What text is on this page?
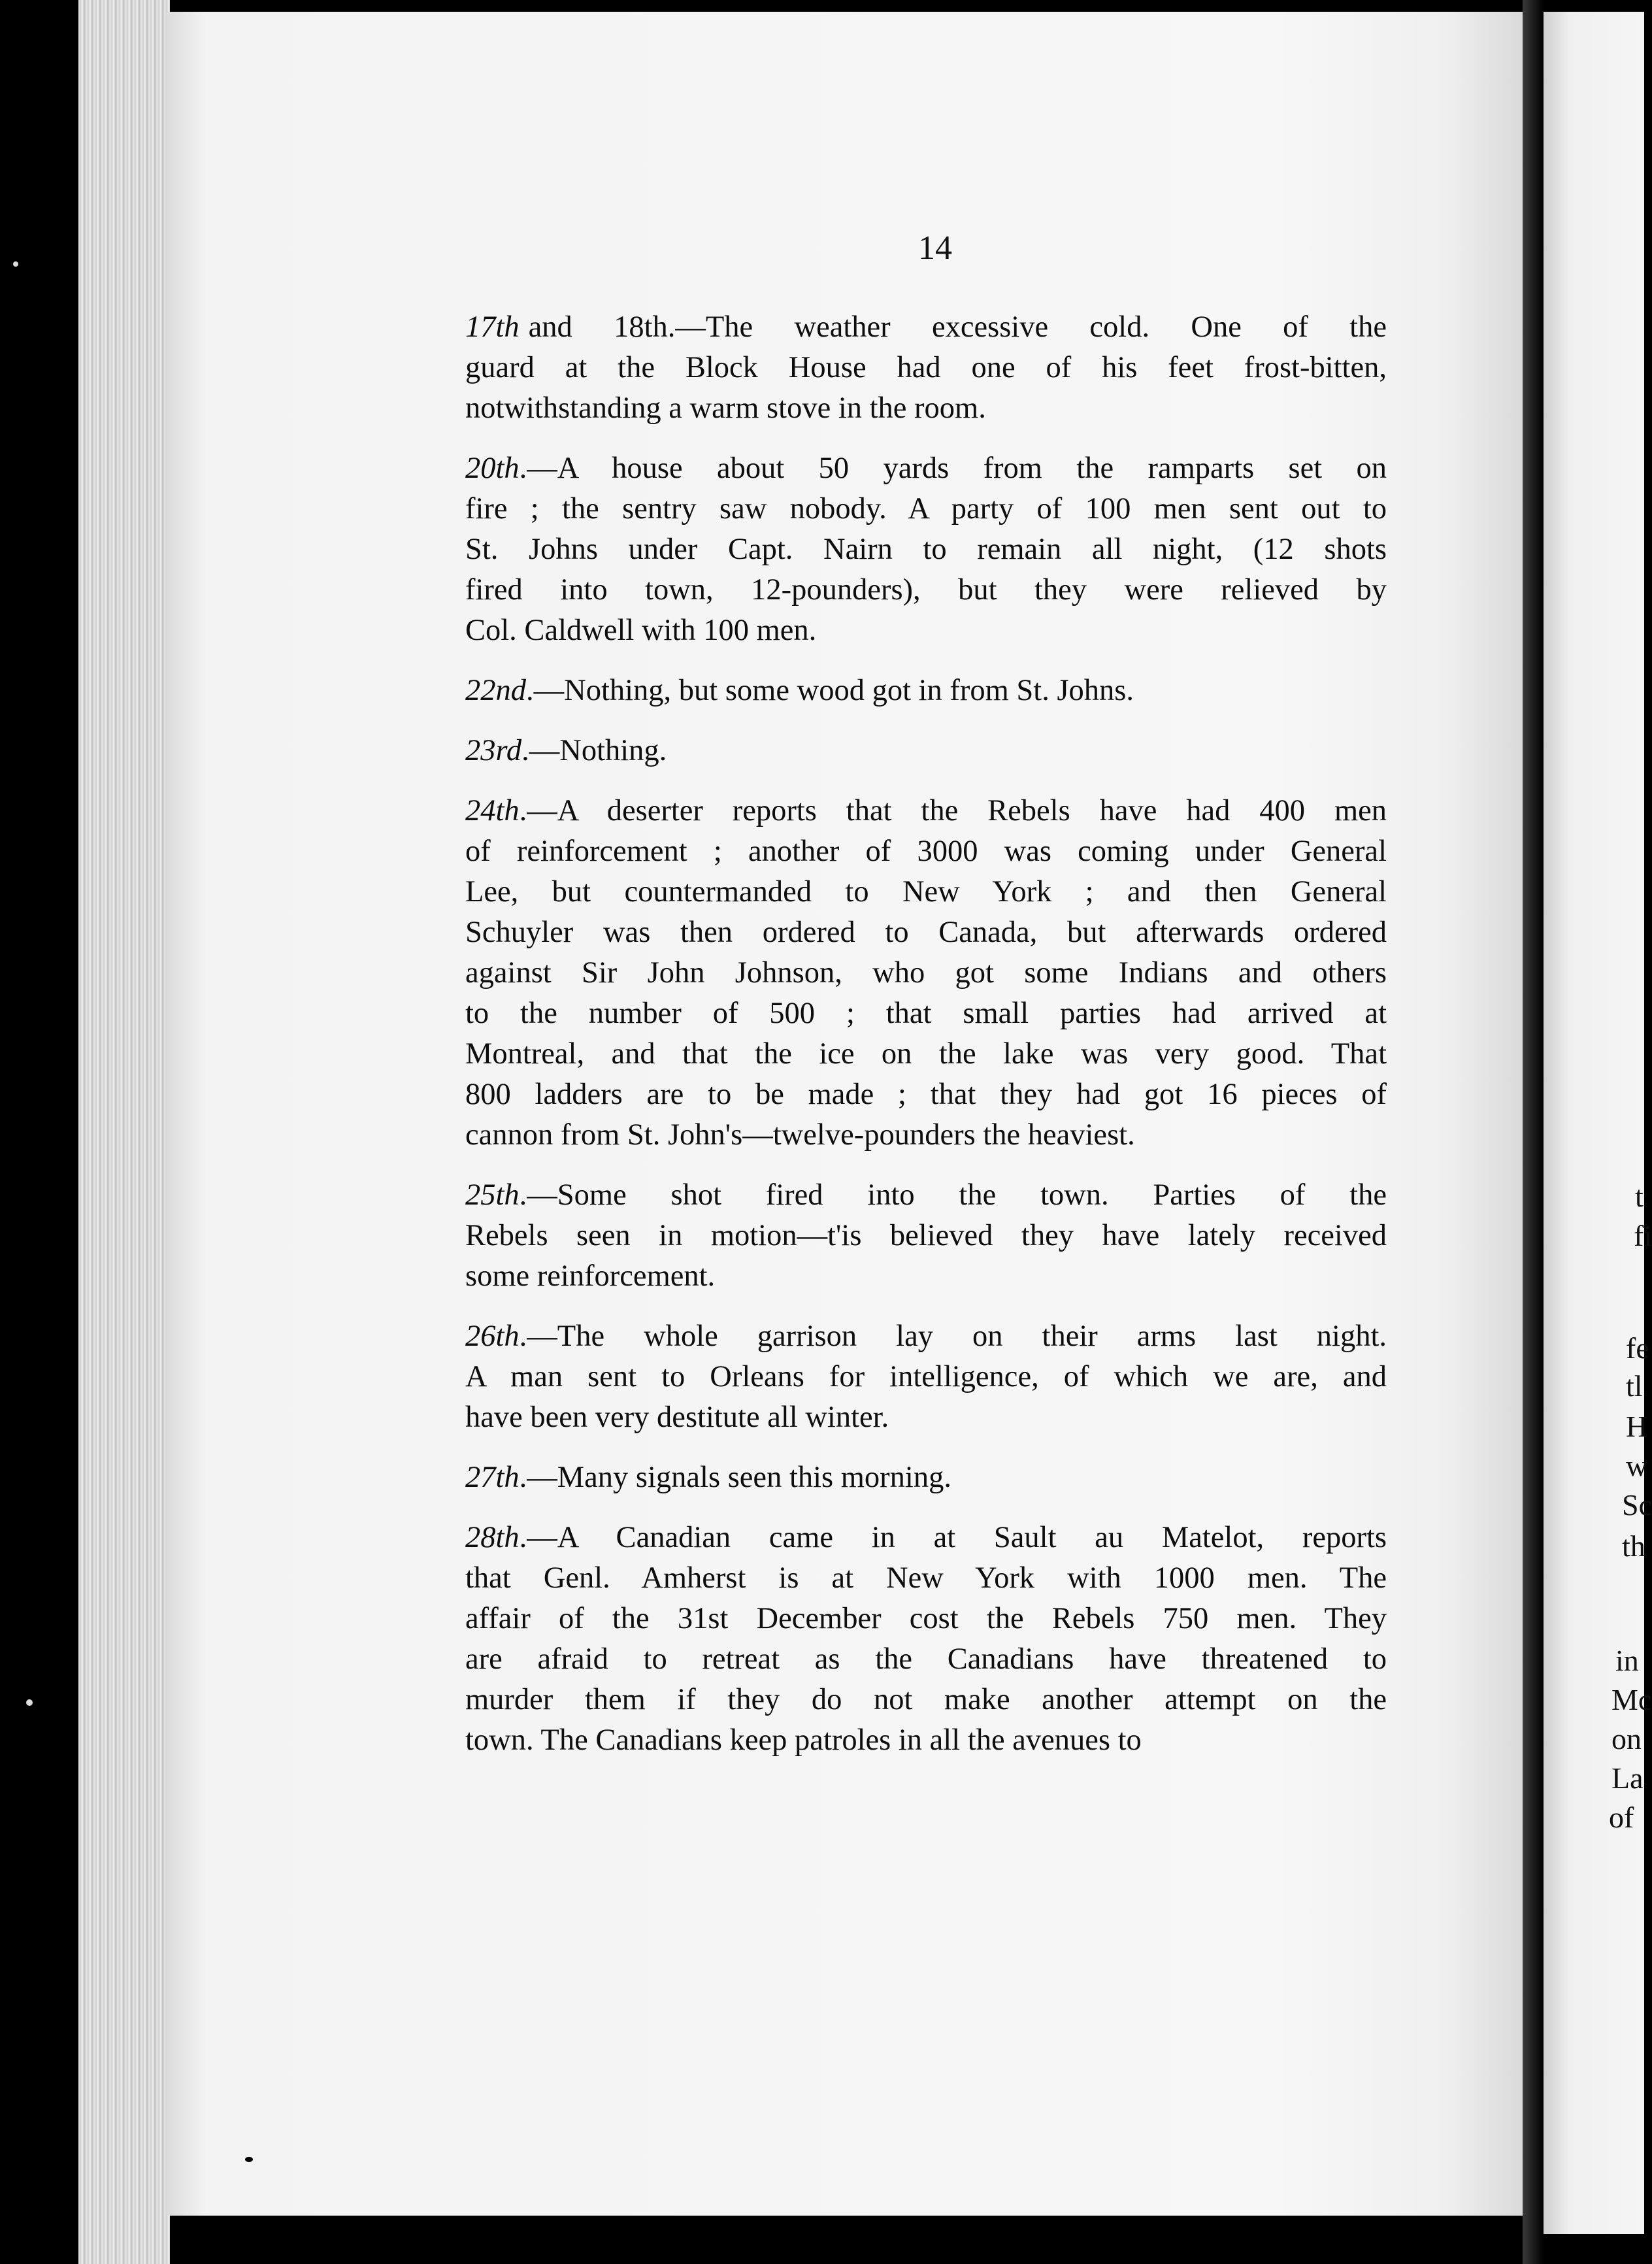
t
fi
fe
tl
H
w
Sc
th
in
Mc
on
La
of
14
17th and 18th.—The weather excessive cold. One of the
guard at the Block House had one of his feet frost-bitten,
notwithstanding a warm stove in the room.
20th.—A house about 50 yards from the ramparts set on
fire ; the sentry saw nobody. A party of 100 men sent out to
St. Johns under Capt. Nairn to remain all night, (12 shots
fired into town, 12-pounders), but they were relieved by
Col. Caldwell with 100 men.
22nd.—Nothing, but some wood got in from St. Johns.
23rd.—Nothing.
24th.—A deserter reports that the Rebels have had 400 men
of reinforcement ; another of 3000 was coming under General
Lee, but countermanded to New York ; and then General
Schuyler was then ordered to Canada, but afterwards ordered
against Sir John Johnson, who got some Indians and others
to the number of 500 ; that small parties had arrived at
Montreal, and that the ice on the lake was very good. That
800 ladders are to be made ; that they had got 16 pieces of
cannon from St. John's—twelve-pounders the heaviest.
25th.—Some shot fired into the town. Parties of the
Rebels seen in motion—t'is believed they have lately received
some reinforcement.
26th.—The whole garrison lay on their arms last night.
A man sent to Orleans for intelligence, of which we are, and
have been very destitute all winter.
27th.—Many signals seen this morning.
28th.—A Canadian came in at Sault au Matelot, reports
that Genl. Amherst is at New York with 1000 men. The
affair of the 31st December cost the Rebels 750 men. They
are afraid to retreat as the Canadians have threatened to
murder them if they do not make another attempt on the
town. The Canadians keep patroles in all the avenues to
